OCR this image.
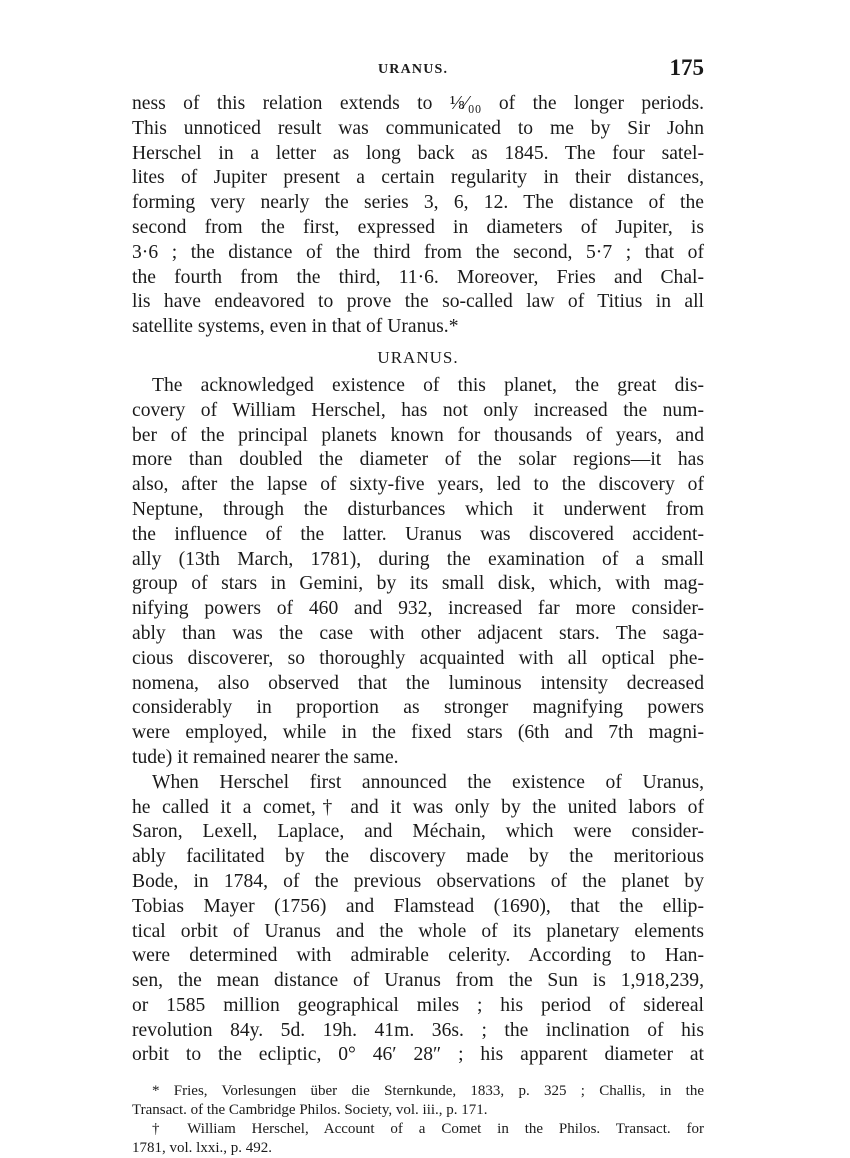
URANUS.	175

ness of this relation extends to ⅛⁄₀₀ of the longer periods.
This unnoticed result was communicated to me by Sir John
Herschel in a letter as long back as 1845. The four satel-
lites of Jupiter present a certain regularity in their distances,
forming very nearly the series 3, 6, 12. The distance of the
second from the first, expressed in diameters of Jupiter, is
3·6 ; the distance of the third from the second, 5·7 ; that of
the fourth from the third, 11·6. Moreover, Fries and Chal-
lis have endeavored to prove the so-called law of Titius in all
satellite systems, even in that of Uranus.*

URANUS.

The acknowledged existence of this planet, the great dis-
covery of William Herschel, has not only increased the num-
ber of the principal planets known for thousands of years, and
more than doubled the diameter of the solar regions—it has
also, after the lapse of sixty-five years, led to the discovery of
Neptune, through the disturbances which it underwent from
the influence of the latter. Uranus was discovered accident-
ally (13th March, 1781), during the examination of a small
group of stars in Gemini, by its small disk, which, with mag-
nifying powers of 460 and 932, increased far more consider-
ably than was the case with other adjacent stars. The saga-
cious discoverer, so thoroughly acquainted with all optical phe-
nomena, also observed that the luminous intensity decreased
considerably in proportion as stronger magnifying powers
were employed, while in the fixed stars (6th and 7th magni-
tude) it remained nearer the same.

When Herschel first announced the existence of Uranus,
he called it a comet,† and it was only by the united labors of
Saron, Lexell, Laplace, and Méchain, which were consider-
ably facilitated by the discovery made by the meritorious
Bode, in 1784, of the previous observations of the planet by
Tobias Mayer (1756) and Flamstead (1690), that the ellip-
tical orbit of Uranus and the whole of its planetary elements
were determined with admirable celerity. According to Han-
sen, the mean distance of Uranus from the Sun is 1,918,239,
or 1585 million geographical miles ; his period of sidereal
revolution 84y. 5d. 19h. 41m. 36s. ; the inclination of his
orbit to the ecliptic, 0° 46′ 28″ ; his apparent diameter at

* Fries, Vorlesungen über die Sternkunde, 1833, p. 325 ; Challis, in the
Transact. of the Cambridge Philos. Society, vol. iii., p. 171.
† William Herschel, Account of a Comet in the Philos. Transact. for
1781, vol. lxxi., p. 492.
